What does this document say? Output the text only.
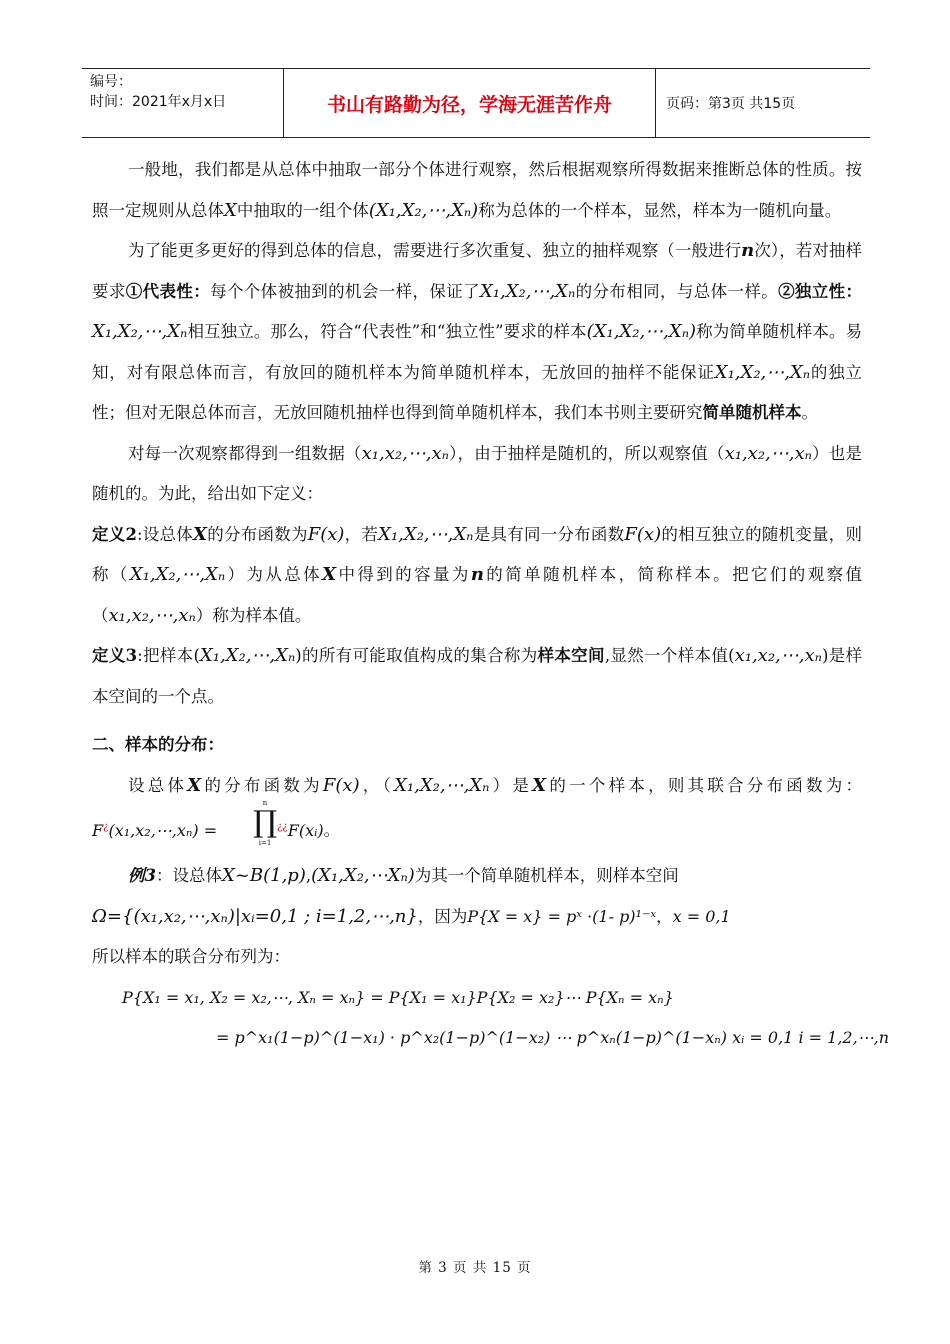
编号：
时间：2021年x月x日	书山有路勤为径，学海无涯苦作舟	页码：第3页 共15页

一般地，我们都是从总体中抽取一部分个体进行观察，然后根据观察所得数据来推断总体的性质。按照一定规则从总体X中抽取的一组个体(X₁,X₂,⋯,Xₙ)称为总体的一个样本，显然，样本为一随机向量。

为了能更多更好的得到总体的信息，需要进行多次重复、独立的抽样观察（一般进行n次），若对抽样要求①代表性：每个个体被抽到的机会一样，保证了X₁,X₂,⋯,Xₙ的分布相同，与总体一样。②独立性：X₁,X₂,⋯,Xₙ相互独立。那么，符合“代表性”和“独立性”要求的样本(X₁,X₂,⋯,Xₙ)称为简单随机样本。易知，对有限总体而言，有放回的随机样本为简单随机样本，无放回的抽样不能保证X₁,X₂,⋯,Xₙ的独立性；但对无限总体而言，无放回随机抽样也得到简单随机样本，我们本书则主要研究简单随机样本。

对每一次观察都得到一组数据（x₁,x₂,⋯,xₙ），由于抽样是随机的，所以观察值（x₁,x₂,⋯,xₙ）也是随机的。为此，给出如下定义：

定义2:设总体X的分布函数为F(x)，若X₁,X₂,⋯,Xₙ是具有同一分布函数F(x)的相互独立的随机变量，则称（X₁,X₂,⋯,Xₙ）为从总体X中得到的容量为n的简单随机样本，简称样本。把它们的观察值（x₁,x₂,⋯,xₙ）称为样本值。

定义3:把样本(X₁,X₂,⋯,Xₙ)的所有可能取值构成的集合称为样本空间,显然一个样本值(x₁,x₂,⋯,xₙ)是样本空间的一个点。

二、样本的分布：

设总体X的分布函数为F(x)，（X₁,X₂,⋯,Xₙ）是X的一个样本，则其联合分布函数为：F¿(x₁,x₂,⋯,xₙ) =
n
∏
i=1
¿¿F(xᵢ)。

例3：设总体X~B(1,p),(X₁,X₂,⋯Xₙ)为其一个简单随机样本，则样本空间

Ω={(x₁,x₂,⋯,xₙ)|xᵢ=0,1 ; i=1,2,⋯,n}，因为P{X = x} = pˣ ·(1- p)¹⁻ˣ，x = 0,1

所以样本的联合分布列为：

P{X₁ = x₁, X₂ = x₂,⋯, Xₙ = xₙ} = P{X₁ = x₁}P{X₂ = x₂}⋯ P{Xₙ = xₙ}

= p^x₁(1−p)^(1−x₁) · p^x₂(1−p)^(1−x₂) ⋯ p^xₙ(1−p)^(1−xₙ) xᵢ = 0,1 i = 1,2,⋯,n

第 3 页 共 15 页
